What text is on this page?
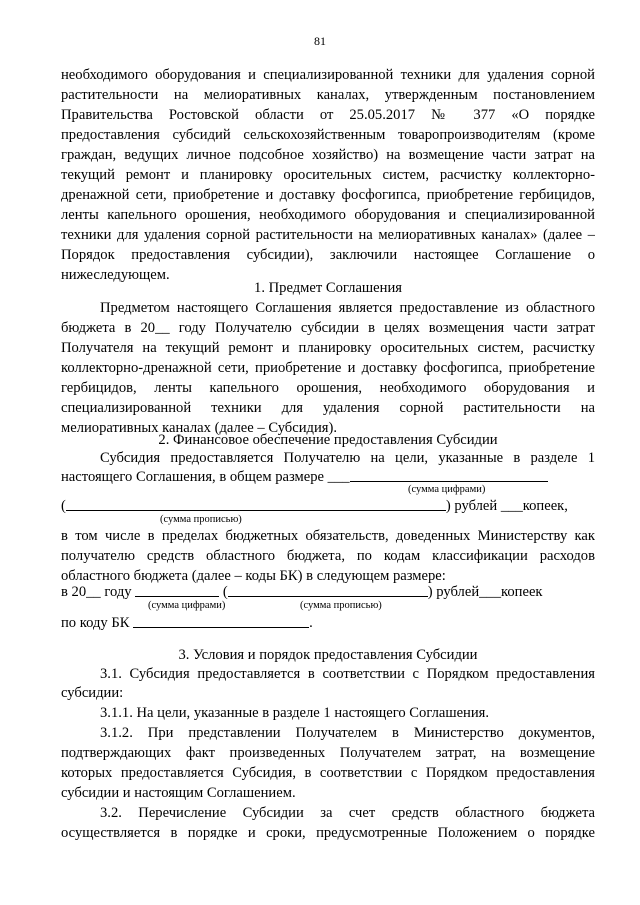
81
необходимого оборудования и специализированной техники для удаления сорной
растительности на мелиоративных каналах, утвержденным постановлением
Правительства Ростовской области от 25.05.2017 № 377 «О порядке
предоставления субсидий сельскохозяйственным товаропроизводителям (кроме
граждан, ведущих личное подсобное хозяйство) на возмещение части затрат на
текущий ремонт и планировку оросительных систем, расчистку коллекторно-
дренажной сети, приобретение и доставку фосфогипса, приобретение гербицидов,
ленты капельного орошения, необходимого оборудования и специализированной
техники для удаления сорной растительности на мелиоративных каналах» (далее –
Порядок предоставления субсидии), заключили настоящее Соглашение о
нижеследующем.
1. Предмет Соглашения
Предметом настоящего Соглашения является предоставление из областного
бюджета в 20__ году Получателю субсидии в целях возмещения части затрат
Получателя на текущий ремонт и планировку оросительных систем, расчистку
коллекторно-дренажной сети, приобретение и доставку фосфогипса, приобретение
гербицидов, ленты капельного орошения, необходимого оборудования и
специализированной техники для удаления сорной растительности на
мелиоративных каналах (далее – Субсидия).
2. Финансовое обеспечение предоставления Субсидии
Субсидия предоставляется Получателю на цели, указанные в разделе 1
настоящего Соглашения, в общем размере ___
(сумма цифрами)
(	) рублей ___копеек,
(сумма прописью)
в том числе в пределах бюджетных обязательств, доведенных Министерству как
получателю средств областного бюджета, по кодам классификации расходов
областного бюджета (далее – коды БК) в следующем размере:
в 20__ году	(	) рублей___копеек
(сумма цифрами)	(сумма прописью)
по коду БК	.
3. Условия и порядок предоставления Субсидии
3.1. Субсидия предоставляется в соответствии с Порядком предоставления
субсидии:
3.1.1. На цели, указанные в разделе 1 настоящего Соглашения.
3.1.2. При представлении Получателем в Министерство документов,
подтверждающих факт произведенных Получателем затрат, на возмещение
которых предоставляется Субсидия, в соответствии с Порядком предоставления
субсидии и настоящим Соглашением.
3.2. Перечисление Субсидии за счет средств областного бюджета
осуществляется в порядке и сроки, предусмотренные Положением о порядке
